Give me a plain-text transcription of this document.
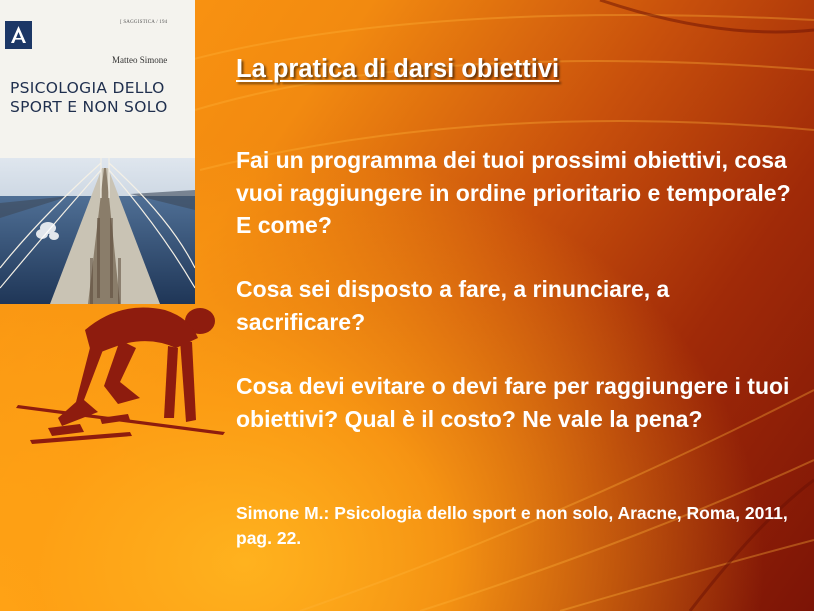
[ SAGGISTICA / 194
Matteo Simone
PSICOLOGIA DELLO
SPORT E NON SOLO
La pratica di darsi obiettivi

Fai un programma dei tuoi prossimi obiettivi, cosa vuoi raggiungere in ordine prioritario e temporale? E come?

Cosa sei disposto a fare, a rinunciare, a sacrificare?

Cosa devi evitare o devi fare per raggiungere i tuoi obiettivi? Qual è il costo? Ne vale la pena?

Simone M.: Psicologia dello sport e non solo, Aracne, Roma, 2011, pag. 22.
